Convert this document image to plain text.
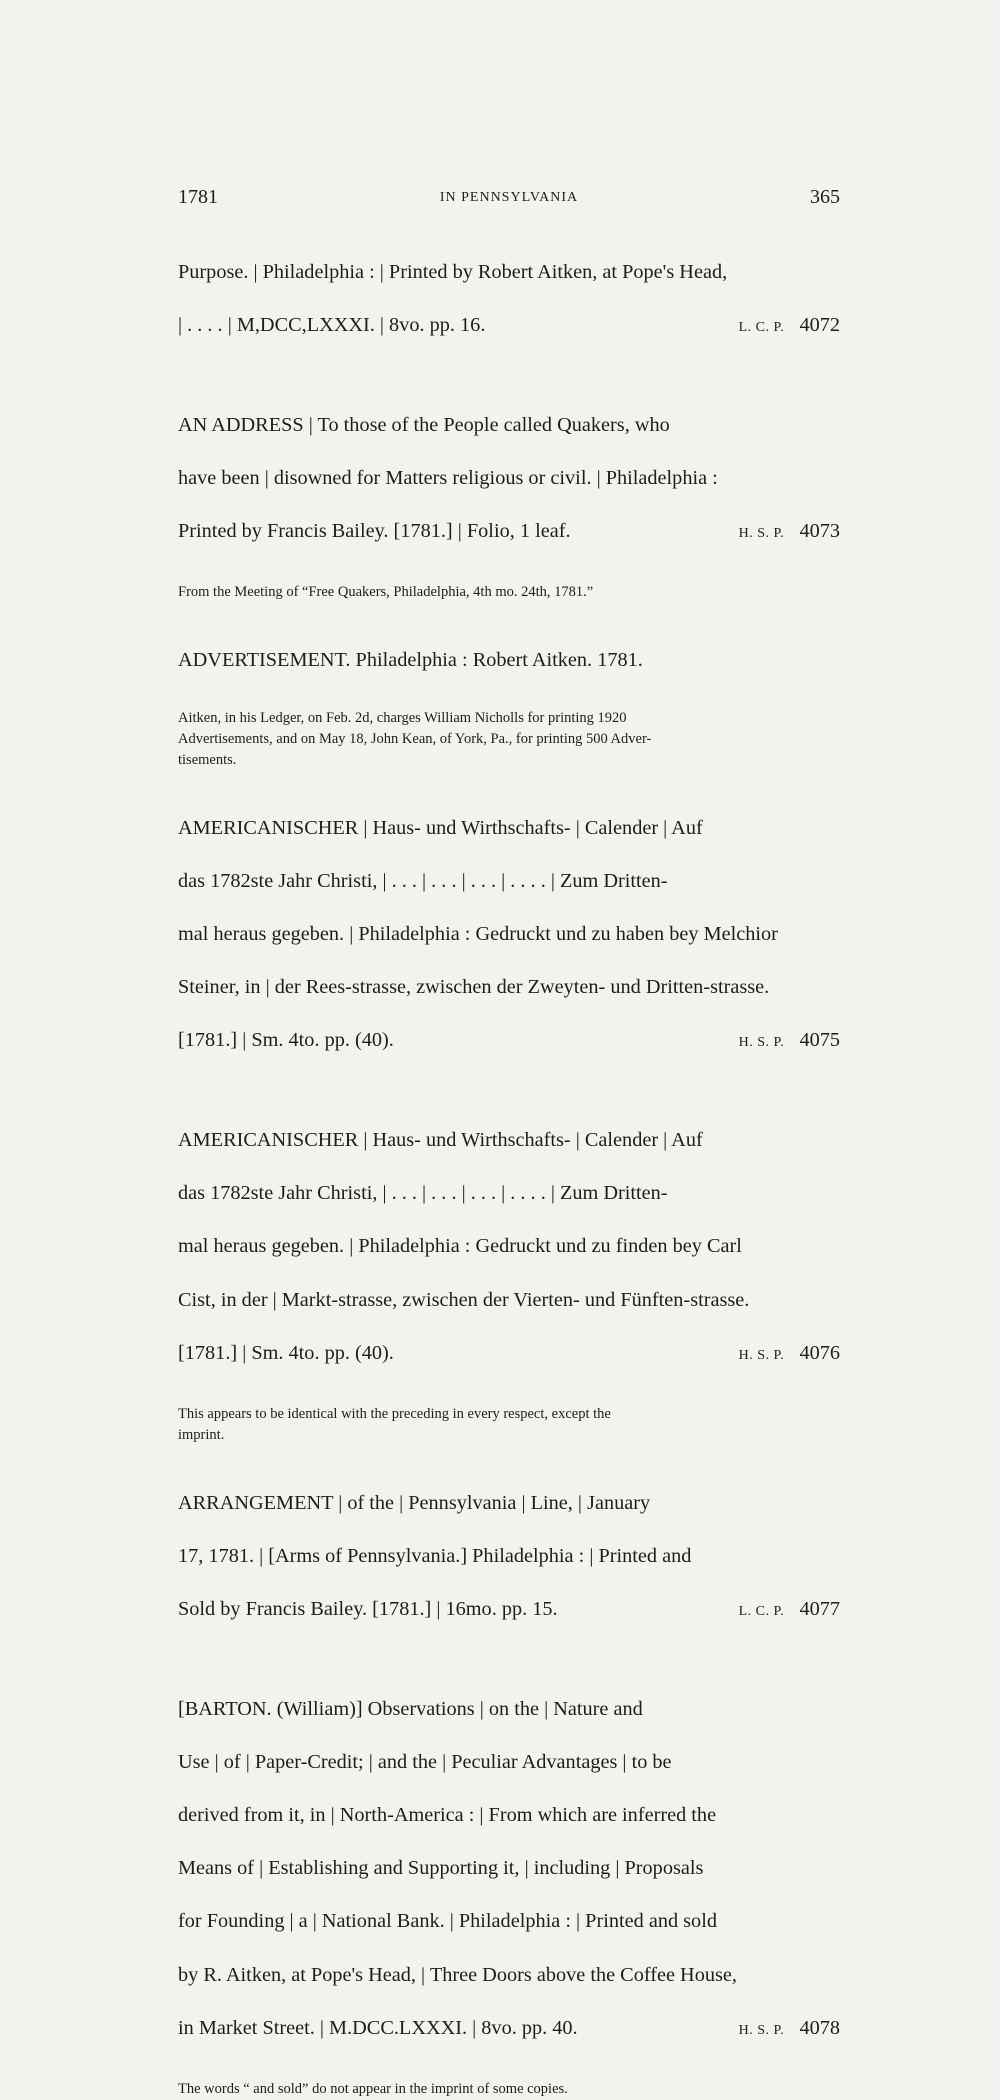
1781	IN PENNSYLVANIA	365

Purpose. | Philadelphia : | Printed by Robert Aitken, at Pope's Head,

| . . . . | M,DCC,LXXXI. | 8vo. pp. 16.	L. C. P. 4072

AN ADDRESS | To those of the People called Quakers, who

have been | disowned for Matters religious or civil. | Philadelphia :

Printed by Francis Bailey. [1781.] | Folio, 1 leaf.	H. S. P. 4073

From the Meeting of “Free Quakers, Philadelphia, 4th mo. 24th, 1781.”

ADVERTISEMENT. Philadelphia : Robert Aitken. 1781.

Aitken, in his Ledger, on Feb. 2d, charges William Nicholls for printing 1920
Advertisements, and on May 18, John Kean, of York, Pa., for printing 500 Adver-
tisements.

AMERICANISCHER | Haus- und Wirthschafts- | Calender | Auf

das 1782ste Jahr Christi, | . . . | . . . | . . . | . . . . | Zum Dritten-

mal heraus gegeben. | Philadelphia : Gedruckt und zu haben bey Melchior

Steiner, in | der Rees-strasse, zwischen der Zweyten- und Dritten-strasse.

[1781.] | Sm. 4to. pp. (40).	H. S. P. 4075

AMERICANISCHER | Haus- und Wirthschafts- | Calender | Auf

das 1782ste Jahr Christi, | . . . | . . . | . . . | . . . . | Zum Dritten-

mal heraus gegeben. | Philadelphia : Gedruckt und zu finden bey Carl

Cist, in der | Markt-strasse, zwischen der Vierten- und Fünften-strasse.

[1781.] | Sm. 4to. pp. (40).	H. S. P. 4076

This appears to be identical with the preceding in every respect, except the
imprint.

ARRANGEMENT | of the | Pennsylvania | Line, | January

17, 1781. | [Arms of Pennsylvania.] Philadelphia : | Printed and

Sold by Francis Bailey. [1781.] | 16mo. pp. 15.	L. C. P. 4077

[BARTON. (William)] Observations | on the | Nature and

Use | of | Paper-Credit; | and the | Peculiar Advantages | to be

derived from it, in | North-America : | From which are inferred the

Means of | Establishing and Supporting it, | including | Proposals

for Founding | a | National Bank. | Philadelphia : | Printed and sold

by R. Aitken, at Pope's Head, | Three Doors above the Coffee House,

in Market Street. | M.DCC.LXXXI. | 8vo. pp. 40.	H. S. P. 4078

The words “ and sold” do not appear in the imprint of some copies.
